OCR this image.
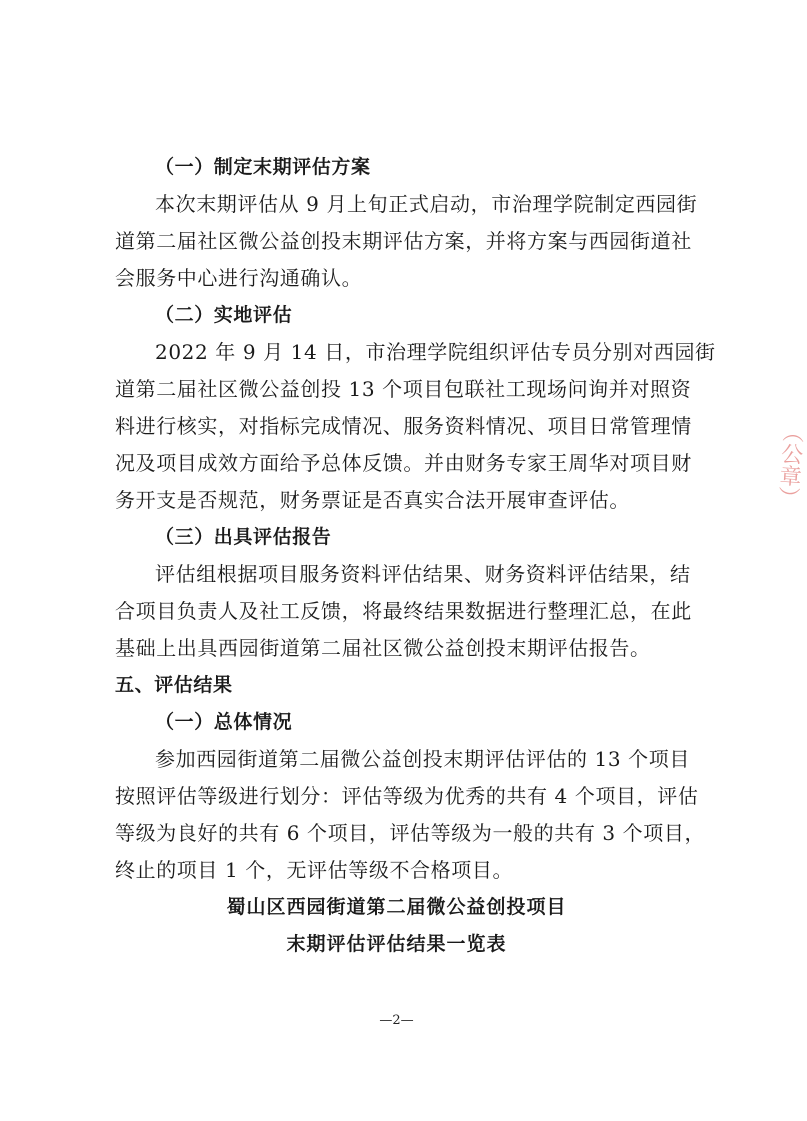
（一）制定末期评估方案
本次末期评估从 9 月上旬正式启动，市治理学院制定西园街
道第二届社区微公益创投末期评估方案，并将方案与西园街道社
会服务中心进行沟通确认。
（二）实地评估
2022 年 9 月 14 日，市治理学院组织评估专员分别对西园街
道第二届社区微公益创投 13 个项目包联社工现场问询并对照资
料进行核实，对指标完成情况、服务资料情况、项目日常管理情
况及项目成效方面给予总体反馈。并由财务专家王周华对项目财
务开支是否规范，财务票证是否真实合法开展审查评估。
（三）出具评估报告
评估组根据项目服务资料评估结果、财务资料评估结果，结
合项目负责人及社工反馈，将最终结果数据进行整理汇总，在此
基础上出具西园街道第二届社区微公益创投末期评估报告。
五、评估结果
（一）总体情况
参加西园街道第二届微公益创投末期评估评估的 13 个项目
按照评估等级进行划分：评估等级为优秀的共有 4 个项目，评估
等级为良好的共有 6 个项目，评估等级为一般的共有 3 个项目，
终止的项目 1 个，无评估等级不合格项目。
蜀山区西园街道第二届微公益创投项目
末期评估评估结果一览表
—2—
（公章）
